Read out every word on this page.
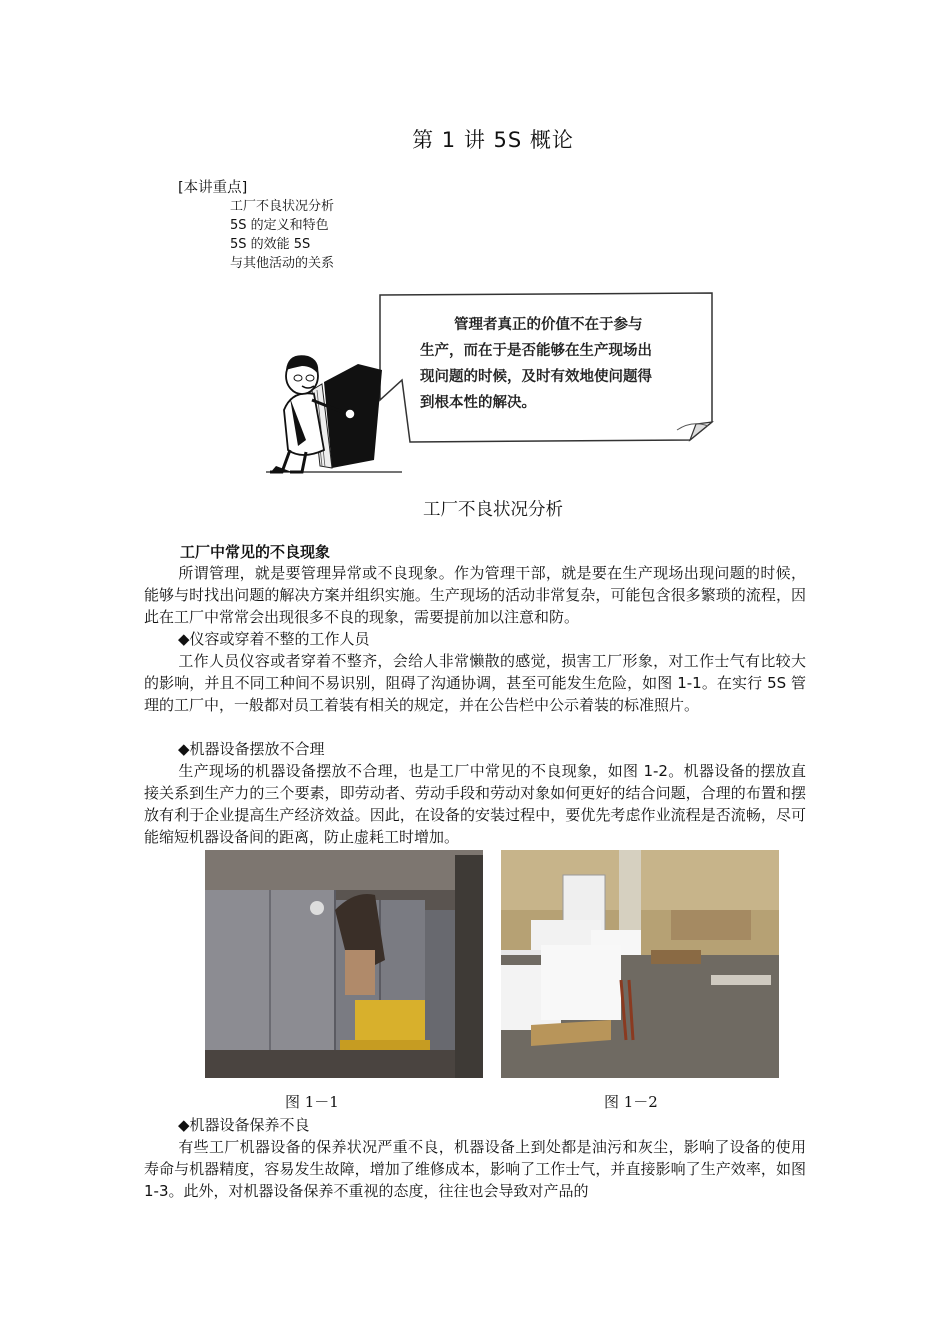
第 1 讲 5S 概论
[本讲重点]
工厂不良状况分析
5S 的定义和特色
5S 的效能 5S
与其他活动的关系
管理者真正的价值不在于参与
生产，而在于是否能够在生产现场出
现问题的时候，及时有效地使问题得
到根本性的解决。
工厂不良状况分析
工厂中常见的不良现象
所谓管理，就是要管理异常或不良现象。作为管理干部，就是要在生产现场出现问题的时候，能够与时找出问题的解决方案并组织实施。生产现场的活动非常复杂，可能包含很多繁琐的流程，因此在工厂中常常会出现很多不良的现象，需要提前加以注意和防。
◆仪容或穿着不整的工作人员
工作人员仪容或者穿着不整齐，会给人非常懒散的感觉，损害工厂形象，对工作士气有比较大的影响，并且不同工种间不易识别，阻碍了沟通协调，甚至可能发生危险，如图 1-1。在实行 5S 管理的工厂中，一般都对员工着装有相关的规定，并在公告栏中公示着装的标准照片。
◆机器设备摆放不合理
生产现场的机器设备摆放不合理，也是工厂中常见的不良现象，如图 1-2。机器设备的摆放直接关系到生产力的三个要素，即劳动者、劳动手段和劳动对象如何更好的结合问题，合理的布置和摆放有利于企业提高生产经济效益。因此，在设备的安装过程中，要优先考虑作业流程是否流畅，尽可能缩短机器设备间的距离，防止虚耗工时增加。
图 1－1	图 1－2
◆机器设备保养不良
有些工厂机器设备的保养状况严重不良，机器设备上到处都是油污和灰尘，影响了设备的使用寿命与机器精度，容易发生故障，增加了维修成本，影响了工作士气，并直接影响了生产效率，如图 1-3。此外，对机器设备保养不重视的态度，往往也会导致对产品的
